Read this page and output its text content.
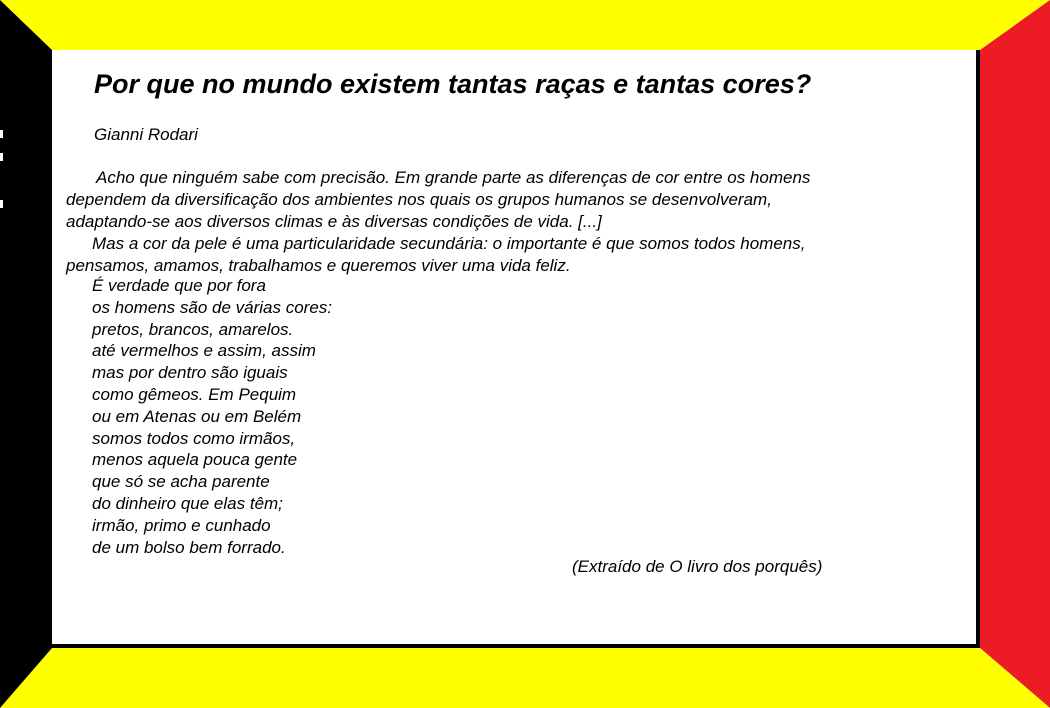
Por que no mundo existem tantas raças e tantas cores?

Gianni Rodari

Acho que ninguém sabe com precisão. Em grande parte as diferenças de cor entre os homens
dependem da diversificação dos ambientes nos quais os grupos humanos se desenvolveram,
adaptando-se aos diversos climas e às diversas condições de vida. [...]
Mas a cor da pele é uma particularidade secundária: o importante é que somos todos homens,
pensamos, amamos, trabalhamos e queremos viver uma vida feliz.
É verdade que por fora
os homens são de várias cores:
pretos, brancos, amarelos.
até vermelhos e assim, assim
mas por dentro são iguais
como gêmeos. Em Pequim
ou em Atenas ou em Belém
somos todos como irmãos,
menos aquela pouca gente
que só se acha parente
do dinheiro que elas têm;
irmão, primo e cunhado
de um bolso bem forrado.

(Extraído de O livro dos porquês)
